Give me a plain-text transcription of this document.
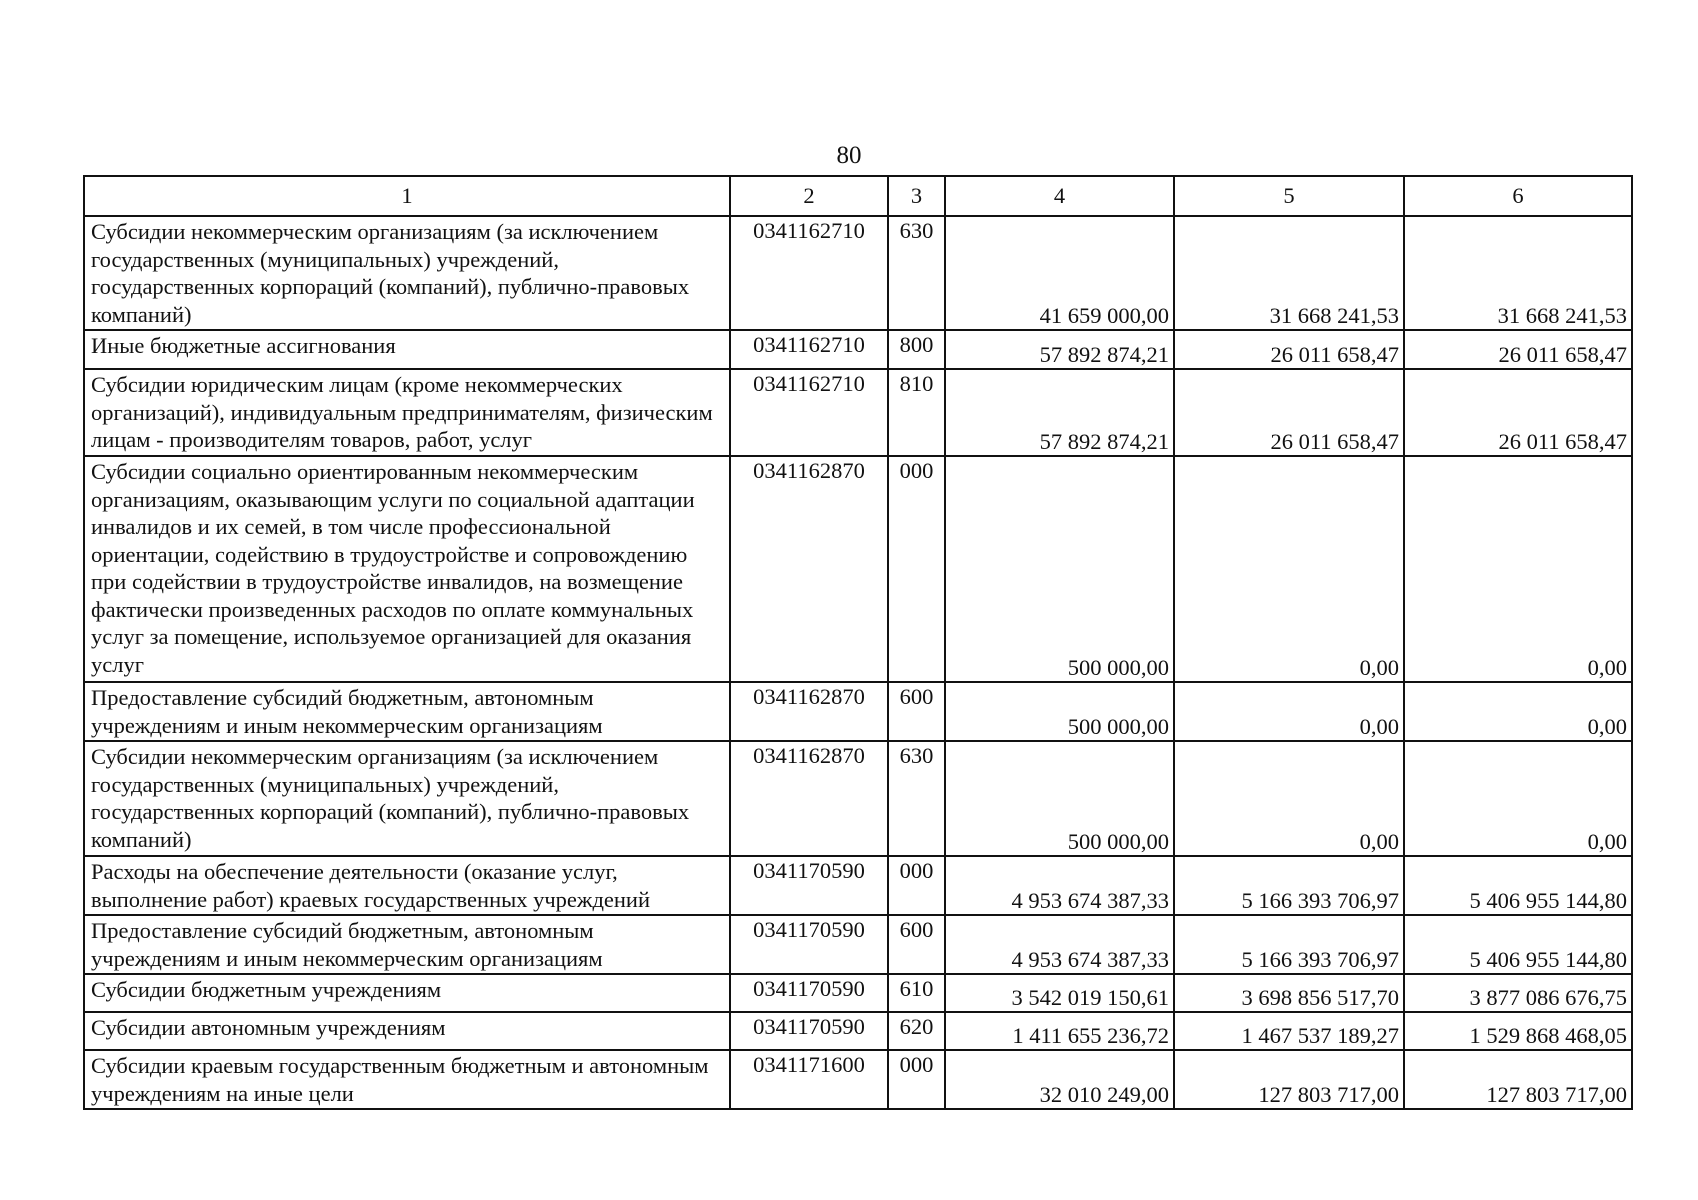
80
1	2	3	4	5	6
Субсидии некоммерческим организациям (за исключением государственных (муниципальных) учреждений, государственных корпораций (компаний), публично-правовых компаний)	0341162710	630	41 659 000,00	31 668 241,53	31 668 241,53
Иные бюджетные ассигнования	0341162710	800	57 892 874,21	26 011 658,47	26 011 658,47
Субсидии юридическим лицам (кроме некоммерческих организаций), индивидуальным предпринимателям, физическим лицам - производителям товаров, работ, услуг	0341162710	810	57 892 874,21	26 011 658,47	26 011 658,47
Субсидии социально ориентированным некоммерческим организациям, оказывающим услуги по социальной адаптации инвалидов и их семей, в том числе профессиональной ориентации, содействию в трудоустройстве и сопровождению при содействии в трудоустройстве инвалидов, на возмещение фактически произведенных расходов по оплате коммунальных услуг за помещение, используемое организацией для оказания услуг	0341162870	000	500 000,00	0,00	0,00
Предоставление субсидий бюджетным, автономным учреждениям и иным некоммерческим организациям	0341162870	600	500 000,00	0,00	0,00
Субсидии некоммерческим организациям (за исключением государственных (муниципальных) учреждений, государственных корпораций (компаний), публично-правовых компаний)	0341162870	630	500 000,00	0,00	0,00
Расходы на обеспечение деятельности (оказание услуг, выполнение работ) краевых государственных учреждений	0341170590	000	4 953 674 387,33	5 166 393 706,97	5 406 955 144,80
Предоставление субсидий бюджетным, автономным учреждениям и иным некоммерческим организациям	0341170590	600	4 953 674 387,33	5 166 393 706,97	5 406 955 144,80
Субсидии бюджетным учреждениям	0341170590	610	3 542 019 150,61	3 698 856 517,70	3 877 086 676,75
Субсидии автономным учреждениям	0341170590	620	1 411 655 236,72	1 467 537 189,27	1 529 868 468,05
Субсидии краевым государственным бюджетным и автономным учреждениям на иные цели	0341171600	000	32 010 249,00	127 803 717,00	127 803 717,00
